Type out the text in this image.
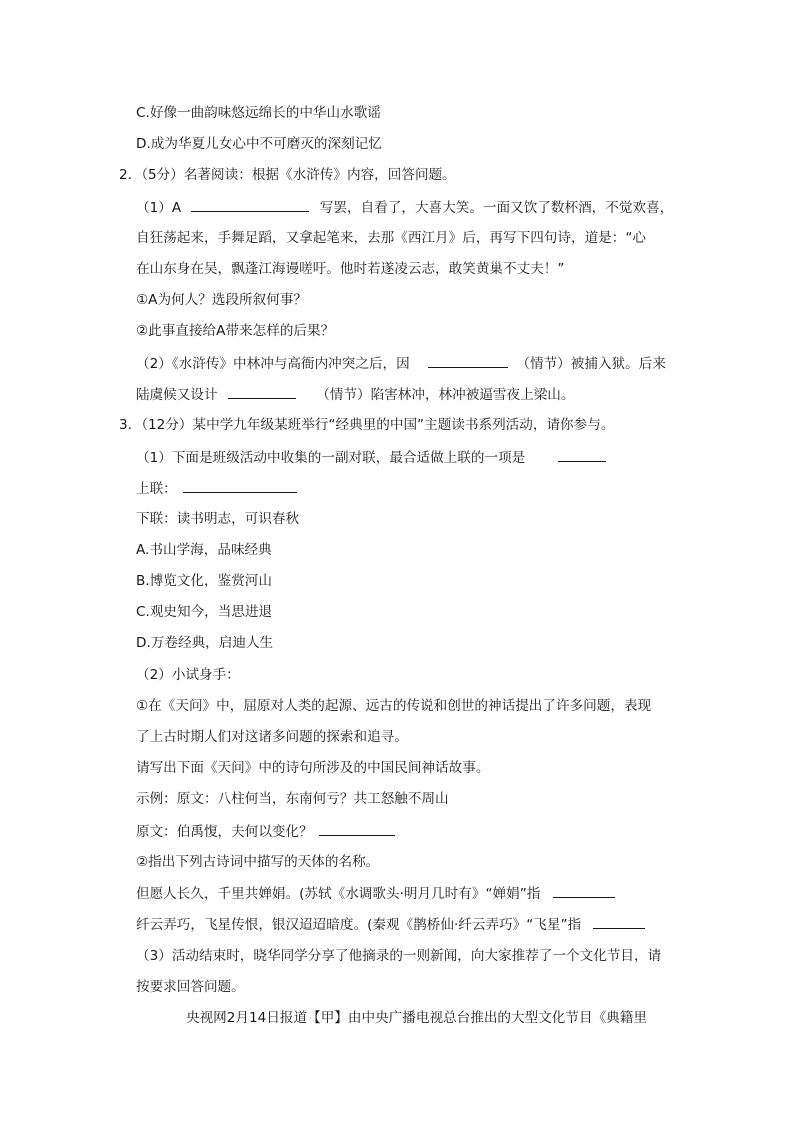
C.好像一曲韵味悠远绵长的中华山水歌谣
D.成为华夏儿女心中不可磨灭的深刻记忆
2．（5分）名著阅读：根据《水浒传》内容，回答问题。
（1）A	写罢，自看了，大喜大笑。一面又饮了数杯酒，不觉欢喜，
自狂荡起来，手舞足蹈，又拿起笔来，去那《西江月》后，再写下四句诗，道是：“心
在山东身在吴，飘蓬江海谩嗟吁。他时若遂凌云志，敢笑黄巢不丈夫！”
①A为何人？选段所叙何事？
②此事直接给A带来怎样的后果？
（2）《水浒传》中林冲与高衙内冲突之后，因	（情节）被捕入狱。后来
陆虞候又设计	（情节）陷害林冲，林冲被逼雪夜上梁山。
3．（12分）某中学九年级某班举行“经典里的中国”主题读书系列活动，请你参与。
（1）下面是班级活动中收集的一副对联，最合适做上联的一项是
上联：
下联：读书明志，可识春秋
A.书山学海，品味经典
B.博览文化，鉴赏河山
C.观史知今，当思进退
D.万卷经典，启迪人生
（2）小试身手：
①在《天问》中，屈原对人类的起源、远古的传说和创世的神话提出了许多问题，表现
了上古时期人们对这诸多问题的探索和追寻。
请写出下面《天问》中的诗句所涉及的中国民间神话故事。
示例：原文：八柱何当，东南何亏？共工怒触不周山
原文：伯禹愎，夫何以变化？
②指出下列古诗词中描写的天体的名称。
但愿人长久，千里共婵娟。(苏轼《水调歌头·明月几时有》“婵娟”指
纤云弄巧，飞星传恨，银汉迢迢暗度。(秦观《鹊桥仙·纤云弄巧》“飞星”指
（3）活动结束时，晓华同学分享了他摘录的一则新闻，向大家推荐了一个文化节目，请
按要求回答问题。
央视网2月14日报道【甲】由中央广播电视总台推出的大型文化节目《典籍里
